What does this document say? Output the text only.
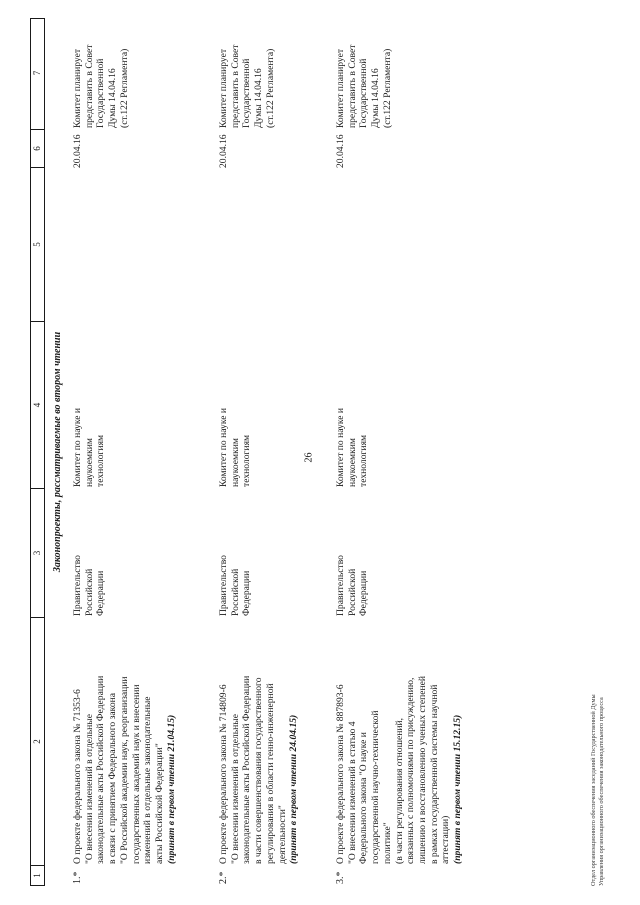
26
1
2
3
4
5
6
7
Законопроекты, рассматриваемые во втором чтении
1.*
О проекте федерального закона № 71353-6 "О внесении изменений в отдельные законодательные акты Российской Федерации в связи с принятием Федерального закона "О Российской академии наук, реорганизации государственных академий наук и внесении изменений в отдельные законодательные акты Российской Федерации" (принят в первом чтении 21.04.15)
Правительство Российской Федерации
Комитет по науке и наукоемким технологиям
20.04.16
Комитет планирует представить в Совет Государственной Думы 14.04.16 (ст.122 Регламента)
2.*
О проекте федерального закона № 714809-6 "О внесении изменений в отдельные законодательные акты Российской Федерации в части совершенствования государственного регулирования в области генно-инженерной деятельности" (принят в первом чтении 24.04.15)
Правительство Российской Федерации
Комитет по науке и наукоемким технологиям
20.04.16
Комитет планирует представить в Совет Государственной Думы 14.04.16 (ст.122 Регламента)
3.*
О проекте федерального закона № 887893-6 "О внесении изменений в статью 4 Федерального закона "О науке и государственной научно-технической политике" (в части регулирования отношений, связанных с полномочиями по присуждению, лишению и восстановлению ученых степеней в рамках государственной системы научной аттестации) (принят в первом чтении 15.12.15)
Правительство Российской Федерации
Комитет по науке и наукоемким технологиям
20.04.16
Комитет планирует представить в Совет Государственной Думы 14.04.16 (ст.122 Регламента)
Отдел организационного обеспечения заседаний Государственной Думы Управления организационного обеспечения законодательного процесса
